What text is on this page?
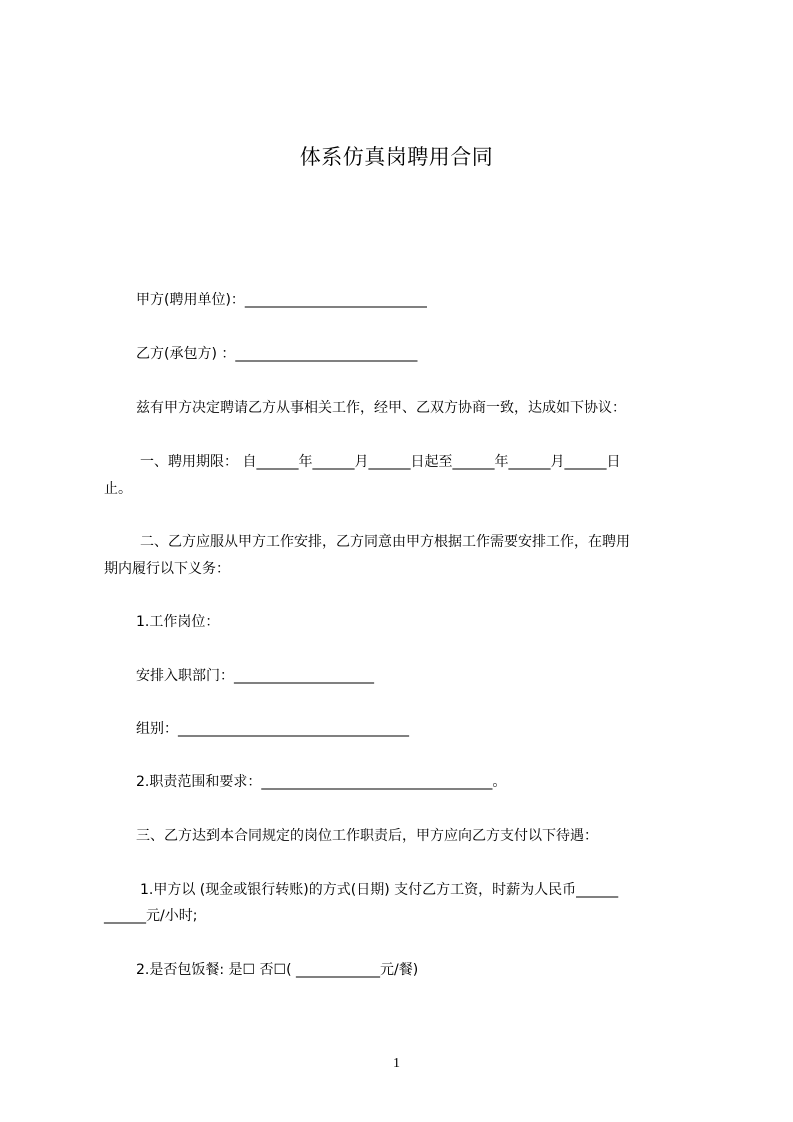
体系仿真岗聘用合同
甲方(聘用单位)：__________________________
乙方(承包方) ：__________________________
兹有甲方决定聘请乙方从事相关工作，经甲、乙双方协商一致，达成如下协议：
一、聘用期限： 自______年______月______日起至______年______月______日
止。
二、乙方应服从甲方工作安排，乙方同意由甲方根据工作需要安排工作，在聘用
期内履行以下义务：
1.工作岗位：
安排入职部门：____________________
组别：_________________________________
2.职责范围和要求：_________________________________。
三、乙方达到本合同规定的岗位工作职责后，甲方应向乙方支付以下待遇：
1.甲方以 (现金或银行转账)的方式(日期) 支付乙方工资，时薪为人民币______
______元/小时;
2.是否包饭餐: 是☐ 否☐( ____________元/餐)
1
